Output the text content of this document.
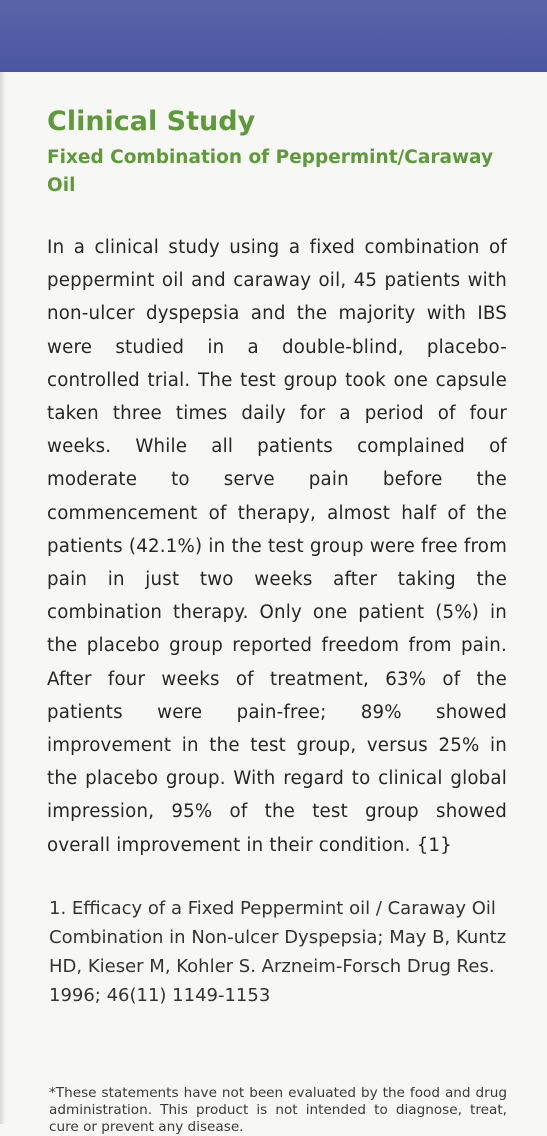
Clinical Study
Fixed Combination of Peppermint/Caraway Oil

In a clinical study using a fixed combination of peppermint oil and caraway oil, 45 patients with non-ulcer dyspepsia and the majority with IBS were studied in a double-blind, placebo-controlled trial. The test group took one capsule taken three times daily for a period of four weeks. While all patients complained of moderate to serve pain before the commencement of therapy, almost half of the patients (42.1%) in the test group were free from pain in just two weeks after taking the combination therapy. Only one patient (5%) in the placebo group reported freedom from pain. After four weeks of treatment, 63% of the patients were pain-free; 89% showed improvement in the test group, versus 25% in the placebo group. With regard to clinical global impression, 95% of the test group showed overall improvement in their condition. {1}

1. Efficacy of a Fixed Peppermint oil / Caraway Oil Combination in Non-ulcer Dyspepsia; May B, Kuntz HD, Kieser M, Kohler S. Arzneim-Forsch Drug Res. 1996; 46(11) 1149-1153

*These statements have not been evaluated by the food and drug administration. This product is not intended to diagnose, treat, cure or prevent any disease.
